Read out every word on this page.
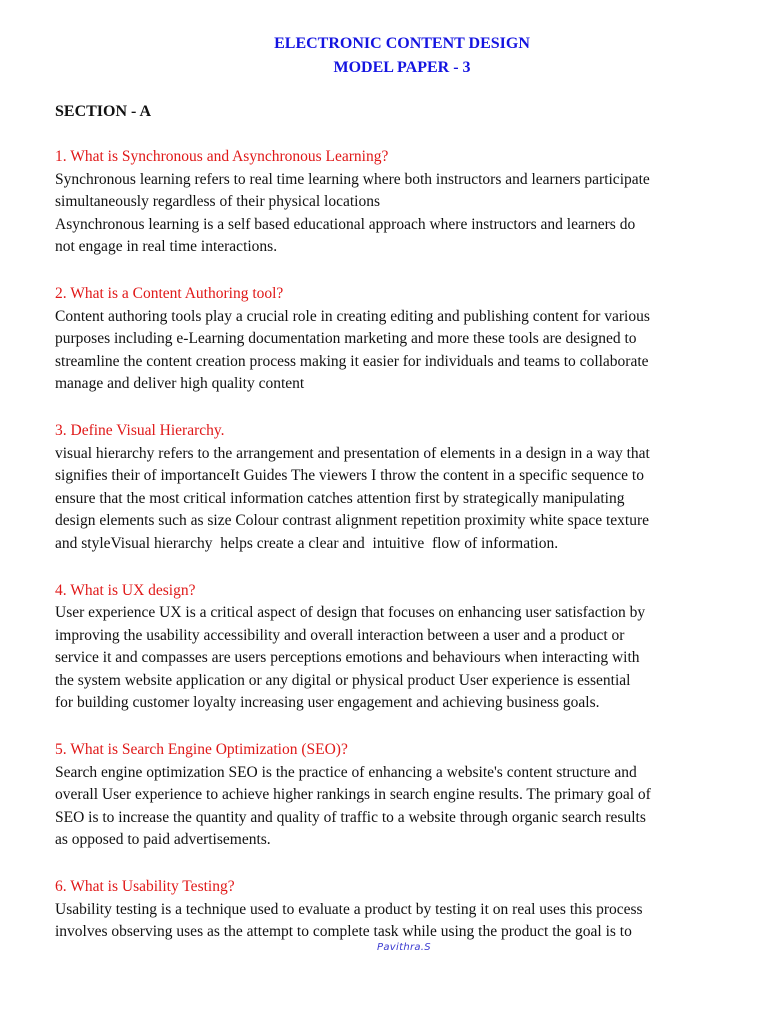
ELECTRONIC CONTENT DESIGN
MODEL PAPER - 3
SECTION - A

1. What is Synchronous and Asynchronous Learning?

Synchronous learning refers to real time learning where both instructors and learners participate
simultaneously regardless of their physical locations
Asynchronous learning is a self based educational approach where instructors and learners do
not engage in real time interactions.

2. What is a Content Authoring tool?

Content authoring tools play a crucial role in creating editing and publishing content for various
purposes including e-Learning documentation marketing and more these tools are designed to
streamline the content creation process making it easier for individuals and teams to collaborate
manage and deliver high quality content

3. Define Visual Hierarchy.

visual hierarchy refers to the arrangement and presentation of elements in a design in a way that
signifies their of importanceIt Guides The viewers I throw the content in a specific sequence to
ensure that the most critical information catches attention first by strategically manipulating
design elements such as size Colour contrast alignment repetition proximity white space texture
and styleVisual hierarchy  helps create a clear and  intuitive  flow of information.

4. What is UX design?

User experience UX is a critical aspect of design that focuses on enhancing user satisfaction by
improving the usability accessibility and overall interaction between a user and a product or
service it and compasses are users perceptions emotions and behaviours when interacting with
the system website application or any digital or physical product User experience is essential
for building customer loyalty increasing user engagement and achieving business goals.

5. What is Search Engine Optimization (SEO)?

Search engine optimization SEO is the practice of enhancing a website's content structure and
overall User experience to achieve higher rankings in search engine results. The primary goal of
SEO is to increase the quantity and quality of traffic to a website through organic search results
as opposed to paid advertisements.

6. What is Usability Testing?

Usability testing is a technique used to evaluate a product by testing it on real uses this process
involves observing uses as the attempt to complete task while using the product the goal is to

Pavithra.S
